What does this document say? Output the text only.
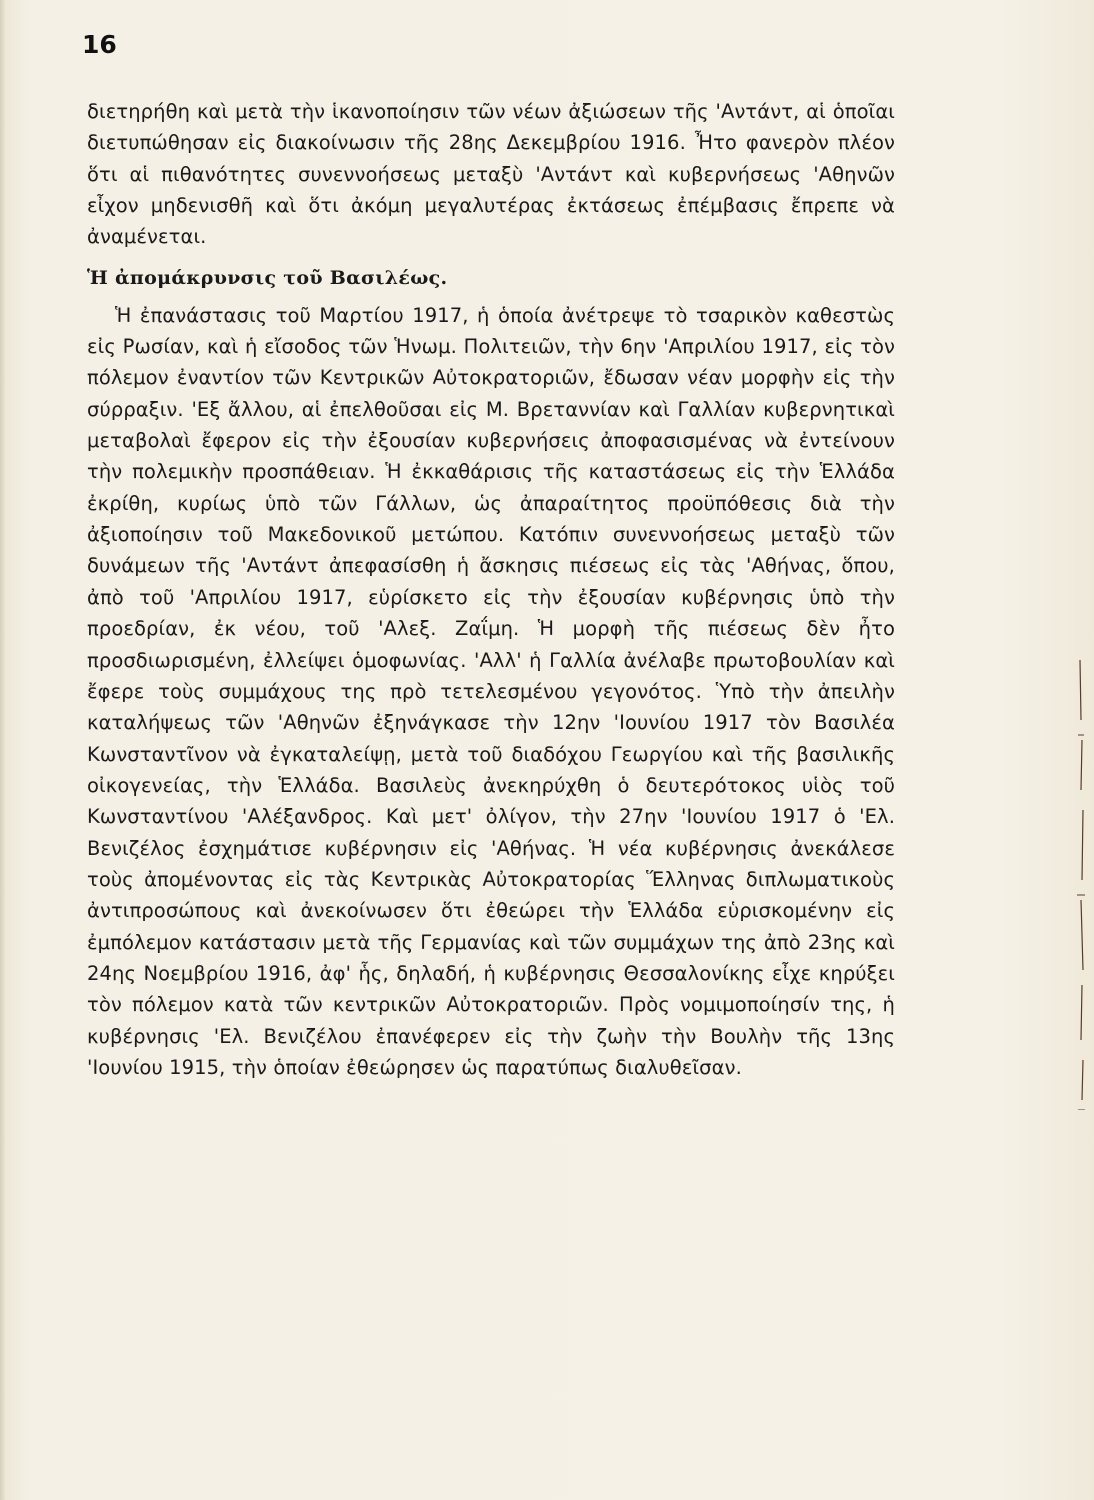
16

διετηρήθη καὶ μετὰ τὴν ἱκανοποίησιν τῶν νέων ἀξιώσεων τῆς 'Αντάντ, αἱ ὁποῖαι διετυπώθησαν εἰς διακοίνωσιν τῆς 28ης Δεκεμβρίου 1916. Ἦτο φανερὸν πλέον ὅτι αἱ πιθανότητες συνεννοήσεως μεταξὺ 'Αντάντ καὶ κυβερνήσεως 'Αθηνῶν εἶχον μηδενισθῆ καὶ ὅτι ἀκόμη μεγαλυτέρας ἐκτάσεως ἐπέμβασις ἔπρεπε νὰ ἀναμένεται.

Ἡ ἀπομάκρυνσις τοῦ Βασιλέως.

Ἡ ἐπανάστασις τοῦ Μαρτίου 1917, ἡ ὁποία ἀνέτρεψε τὸ τσαρικὸν καθεστὼς εἰς Ρωσίαν, καὶ ἡ εἴσοδος τῶν Ἡνωμ. Πολιτειῶν, τὴν 6ην 'Απριλίου 1917, εἰς τὸν πόλεμον ἐναντίον τῶν Κεντρικῶν Αὐτοκρατοριῶν, ἔδωσαν νέαν μορφὴν εἰς τὴν σύρραξιν. 'Εξ ἄλλου, αἱ ἐπελθοῦσαι εἰς Μ. Βρεταννίαν καὶ Γαλλίαν κυβερνητικαὶ μεταβολαὶ ἔφερον εἰς τὴν ἐξουσίαν κυβερνήσεις ἀποφασισμένας νὰ ἐντείνουν τὴν πολεμικὴν προσπάθειαν. Ἡ ἐκκαθάρισις τῆς καταστάσεως εἰς τὴν Ἑλλάδα ἐκρίθη, κυρίως ὑπὸ τῶν Γάλλων, ὡς ἀπαραίτητος προϋπόθεσις διὰ τὴν ἀξιοποίησιν τοῦ Μακεδονικοῦ μετώπου. Κατόπιν συνεννοήσεως μεταξὺ τῶν δυνάμεων τῆς 'Αντάντ ἀπεφασίσθη ἡ ἄσκησις πιέσεως εἰς τὰς 'Αθήνας, ὅπου, ἀπὸ τοῦ 'Απριλίου 1917, εὑρίσκετο εἰς τὴν ἐξουσίαν κυβέρνησις ὑπὸ τὴν προεδρίαν, ἐκ νέου, τοῦ 'Αλεξ. Ζαΐμη. Ἡ μορφὴ τῆς πιέσεως δὲν ἦτο προσδιωρισμένη, ἐλλείψει ὁμοφωνίας. 'Αλλ' ἡ Γαλλία ἀνέλαβε πρωτοβουλίαν καὶ ἔφερε τοὺς συμμάχους της πρὸ τετελεσμένου γεγονότος. Ὑπὸ τὴν ἀπειλὴν καταλήψεως τῶν 'Αθηνῶν ἐξηνάγκασε τὴν 12ην 'Ιουνίου 1917 τὸν Βασιλέα Κωνσταντῖνον νὰ ἐγκαταλείψῃ, μετὰ τοῦ διαδόχου Γεωργίου καὶ τῆς βασιλικῆς οἰκογενείας, τὴν Ἑλλάδα. Βασιλεὺς ἀνεκηρύχθη ὁ δευτερότοκος υἱὸς τοῦ Κωνσταντίνου 'Αλέξανδρος. Καὶ μετ' ὀλίγον, τὴν 27ην 'Ιουνίου 1917 ὁ 'Ελ. Βενιζέλος ἐσχημάτισε κυβέρνησιν εἰς 'Αθήνας. Ἡ νέα κυβέρνησις ἀνεκάλεσε τοὺς ἀπομένοντας εἰς τὰς Κεντρικὰς Αὐτοκρατορίας Ἕλληνας διπλωματικοὺς ἀντιπροσώπους καὶ ἀνεκοίνωσεν ὅτι ἐθεώρει τὴν Ἑλλάδα εὑρισκομένην εἰς ἐμπόλεμον κατάστασιν μετὰ τῆς Γερμανίας καὶ τῶν συμμάχων της ἀπὸ 23ης καὶ 24ης Νοεμβρίου 1916, ἀφ' ἧς, δηλαδή, ἡ κυβέρνησις Θεσσαλονίκης εἶχε κηρύξει τὸν πόλεμον κατὰ τῶν κεντρικῶν Αὐτοκρατοριῶν. Πρὸς νομιμοποίησίν της, ἡ κυβέρνησις 'Ελ. Βενιζέλου ἐπανέφερεν εἰς τὴν ζωὴν τὴν Βουλὴν τῆς 13ης 'Ιουνίου 1915, τὴν ὁποίαν ἐθεώρησεν ὡς παρατύπως διαλυθεῖσαν.
